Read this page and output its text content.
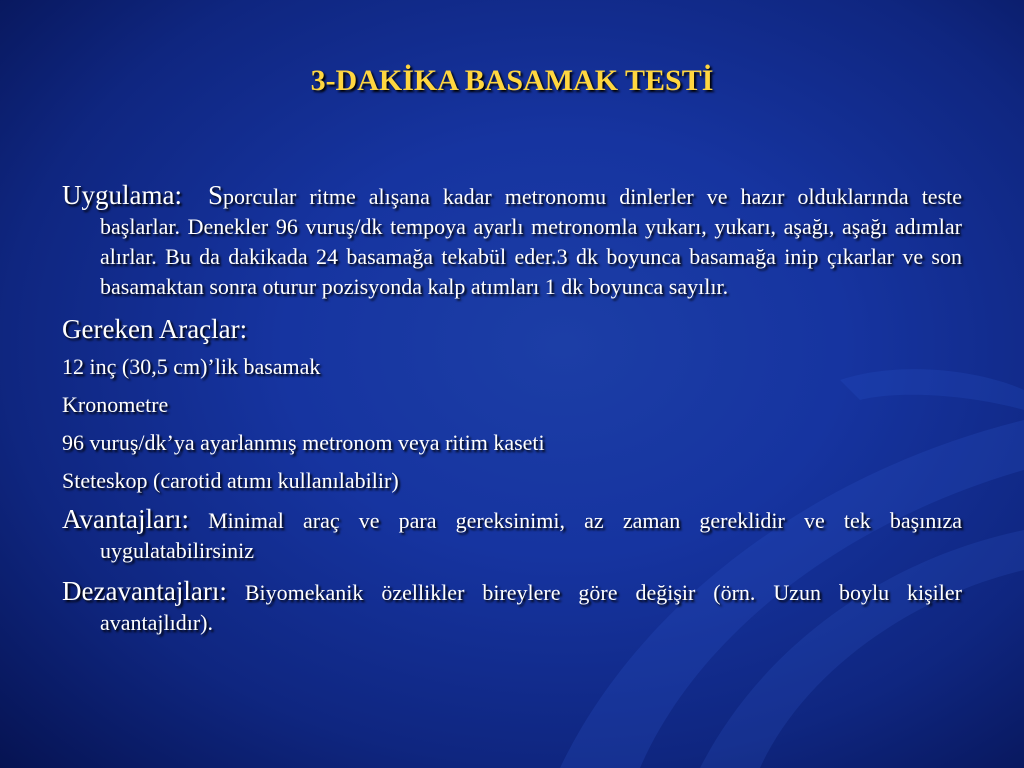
3-DAKİKA BASAMAK TESTİ

Uygulama: Sporcular ritme alışana kadar metronomu dinlerler ve hazır olduklarında teste başlarlar. Denekler 96 vuruş/dk tempoya ayarlı metronomla yukarı, yukarı, aşağı, aşağı adımlar alırlar. Bu da dakikada 24 basamağa tekabül eder.3 dk boyunca basamağa inip çıkarlar ve son basamaktan sonra oturur pozisyonda kalp atımları 1 dk boyunca sayılır.

Gereken Araçlar:

12 inç (30,5 cm)’lik basamak

Kronometre

96 vuruş/dk’ya ayarlanmış metronom veya ritim kaseti

Steteskop (carotid atımı kullanılabilir)

Avantajları: Minimal araç ve para gereksinimi, az zaman gereklidir ve tek başınıza uygulatabilirsiniz

Dezavantajları: Biyomekanik özellikler bireylere göre değişir (örn. Uzun boylu kişiler avantajlıdır).
